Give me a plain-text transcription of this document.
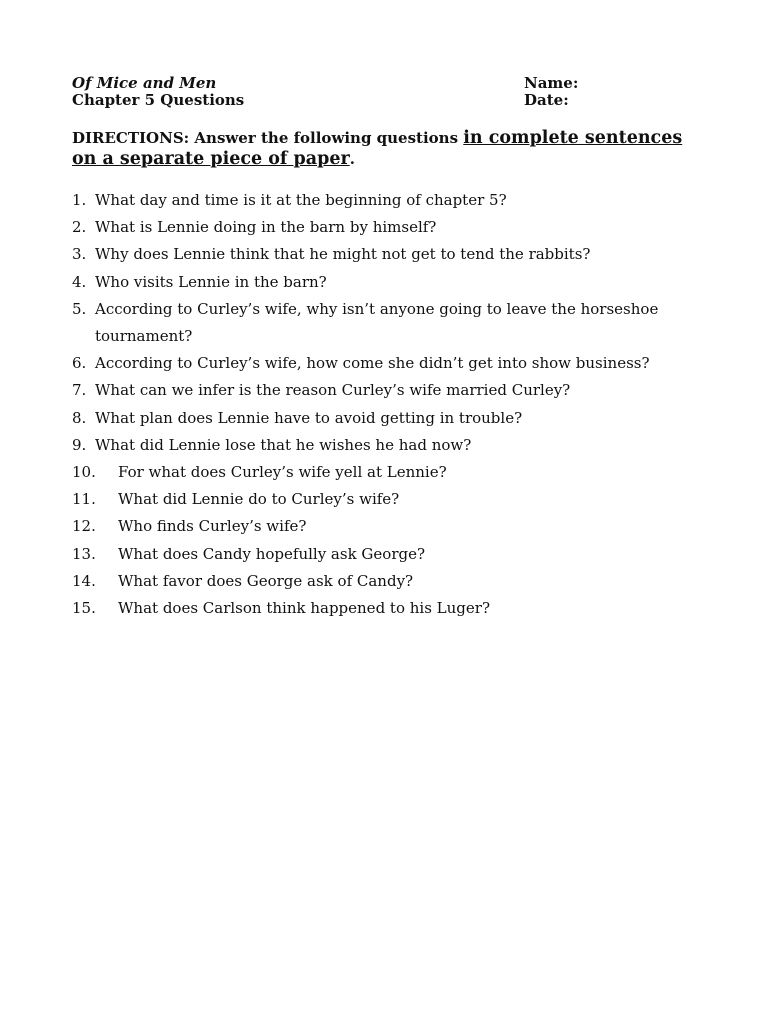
Of Mice and Men
Chapter 5 Questions
Name:
Date:
DIRECTIONS: Answer the following questions in complete sentences on a separate piece of paper.
1. What day and time is it at the beginning of chapter 5?
2. What is Lennie doing in the barn by himself?
3. Why does Lennie think that he might not get to tend the rabbits?
4. Who visits Lennie in the barn?
5. According to Curley’s wife, why isn’t anyone going to leave the horseshoe tournament?
6. According to Curley’s wife, how come she didn’t get into show business?
7. What can we infer is the reason Curley’s wife married Curley?
8. What plan does Lennie have to avoid getting in trouble?
9. What did Lennie lose that he wishes he had now?
10.	For what does Curley’s wife yell at Lennie?
11.	What did Lennie do to Curley’s wife?
12.	Who finds Curley’s wife?
13.	What does Candy hopefully ask George?
14.	What favor does George ask of Candy?
15.	What does Carlson think happened to his Luger?
